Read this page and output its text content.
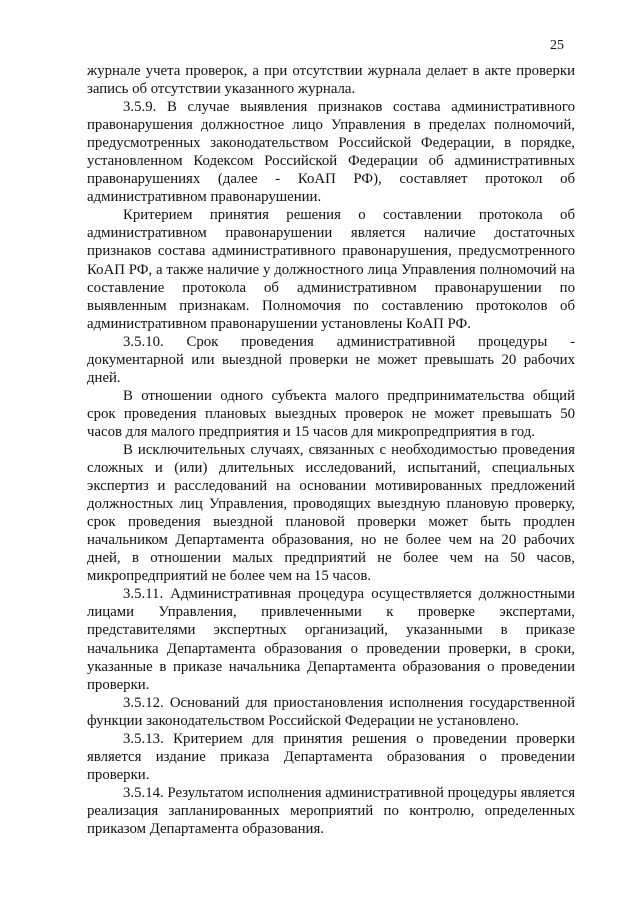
25

журнале учета проверок, а при отсутствии журнала делает в акте проверки запись об отсутствии указанного журнала.

3.5.9. В случае выявления признаков состава административного правонарушения должностное лицо Управления в пределах полномочий, предусмотренных законодательством Российской Федерации, в порядке, установленном Кодексом Российской Федерации об административных правонарушениях (далее - КоАП РФ), составляет протокол об административном правонарушении.

Критерием принятия решения о составлении протокола об административном правонарушении является наличие достаточных признаков состава административного правонарушения, предусмотренного КоАП РФ, а также наличие у должностного лица Управления полномочий на составление протокола об административном правонарушении по выявленным признакам. Полномочия по составлению протоколов об административном правонарушении установлены КоАП РФ.

3.5.10. Срок проведения административной процедуры - документарной или выездной проверки не может превышать 20 рабочих дней.

В отношении одного субъекта малого предпринимательства общий срок проведения плановых выездных проверок не может превышать 50 часов для малого предприятия и 15 часов для микропредприятия в год.

В исключительных случаях, связанных с необходимостью проведения сложных и (или) длительных исследований, испытаний, специальных экспертиз и расследований на основании мотивированных предложений должностных лиц Управления, проводящих выездную плановую проверку, срок проведения выездной плановой проверки может быть продлен начальником Департамента образования, но не более чем на 20 рабочих дней, в отношении малых предприятий не более чем на 50 часов, микропредприятий не более чем на 15 часов.

3.5.11. Административная процедура осуществляется должностными лицами Управления, привлеченными к проверке экспертами, представителями экспертных организаций, указанными в приказе начальника Департамента образования о проведении проверки, в сроки, указанные в приказе начальника Департамента образования о проведении проверки.

3.5.12. Оснований для приостановления исполнения государственной функции законодательством Российской Федерации не установлено.

3.5.13. Критерием для принятия решения о проведении проверки является издание приказа Департамента образования о проведении проверки.

3.5.14. Результатом исполнения административной процедуры является реализация запланированных мероприятий по контролю, определенных приказом Департамента образования.
